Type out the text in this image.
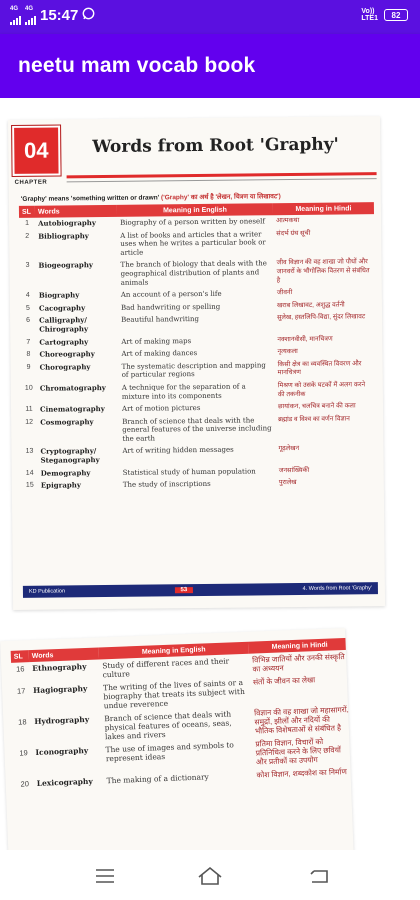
4G	4G 15:47	Vo))
LTE1 82
neetu mam vocab book
04
CHAPTER
Words from Root 'Graphy'
'Graphy' means 'something written or drawn' ('Graphy' का अर्थ है 'लेखन, चित्रण या लिखावट')
SL	Words	Meaning in English	Meaning in Hindi
1	Autobiography	Biography of a person written by oneself	आत्मकथा
2	Bibliography	A list of books and articles that a writer uses when he writes a particular book or article	संदर्भ ग्रंथ सूची
3	Biogeography	The branch of biology that deals with the geographical distribution of plants and animals	जीव विज्ञान की वह शाखा जो पौधों और जानवरों के भौगोलिक वितरण से संबंधित है
4	Biography	An account of a person's life	जीवनी
5	Cacography	Bad handwriting or spelling	खराब लिखावट, अशुद्ध वर्तनी
6	Calligraphy/ Chirography	Beautiful handwriting	सुलेख, हस्तलिपि-विद्या, सुंदर लिखावट
7	Cartography	Art of making maps	नक्शानवीसी, मानचित्रण
8	Choreography	Art of making dances	नृत्यकला
9	Chorography	The systematic description and mapping of particular regions	किसी क्षेत्र का व्यवस्थित विवरण और मानचित्रण
10	Chromatography	A technique for the separation of a mixture into its components	मिश्रण को उसके घटकों में अलग करने की तकनीक
11	Cinematography	Art of motion pictures	छायांकन, चलचित्र बनाने की कला
12	Cosmography	Branch of science that deals with the general features of the universe including the earth	ब्रह्मांड व विश्व का वर्णन विज्ञान
13	Cryptography/ Steganography	Art of writing hidden messages	गूढ़लेखन
14	Demography	Statistical study of human population	जनसांख्यिकी
15	Epigraphy	The study of inscriptions	पुरालेख
KD Publication	53	4. Words from Root 'Graphy'
SL	Words	Meaning in English	Meaning in Hindi
16	Ethnography	Study of different races and their culture	विभिन्न जातियों और उनकी संस्कृति का अध्ययन
17	Hagiography	The writing of the lives of saints or a biography that treats its subject with undue reverence	संतों के जीवन का लेखा
18	Hydrography	Branch of science that deals with physical features of oceans, seas, lakes and rivers	विज्ञान की वह शाखा जो महासागरों, समुद्रों, झीलों और नदियों की भौतिक विशेषताओं से संबंधित है
19	Iconography	The use of images and symbols to represent ideas	प्रतिमा विज्ञान, विचारों को प्रतिनिधित्व करने के लिए छवियों और प्रतीकों का उपयोग
20	Lexicography	The making of a dictionary	कोश विज्ञान, शब्दकोश का निर्माण
